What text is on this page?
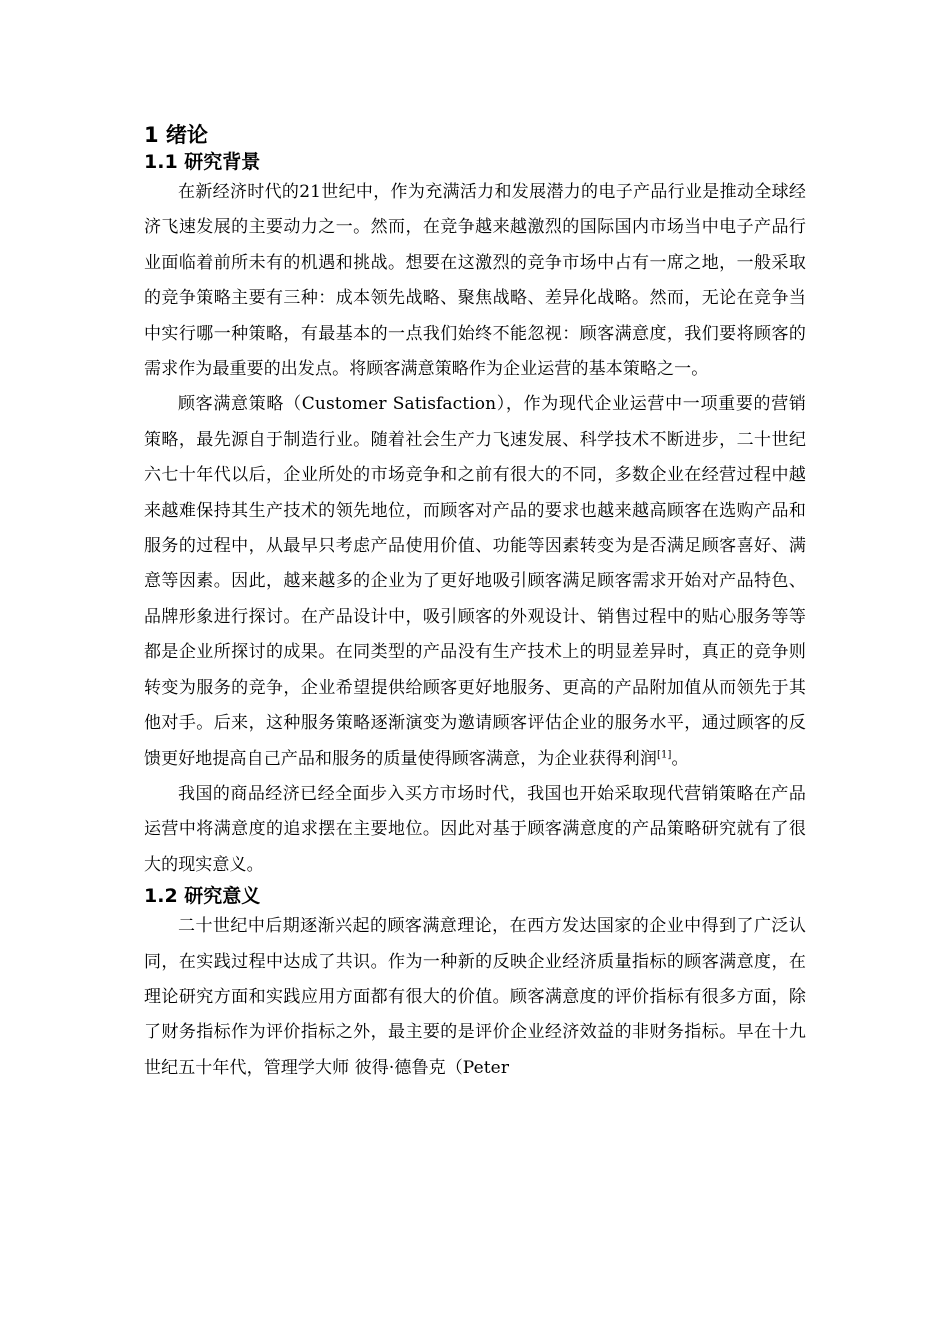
1 绪论
1.1 研究背景

在新经济时代的21世纪中，作为充满活力和发展潜力的电子产品行业是推动全球经济飞速发展的主要动力之一。然而，在竞争越来越激烈的国际国内市场当中电子产品行业面临着前所未有的机遇和挑战。想要在这激烈的竞争市场中占有一席之地，一般采取的竞争策略主要有三种：成本领先战略、聚焦战略、差异化战略。然而，无论在竞争当中实行哪一种策略，有最基本的一点我们始终不能忽视：顾客满意度，我们要将顾客的需求作为最重要的出发点。将顾客满意策略作为企业运营的基本策略之一。

顾客满意策略（Customer Satisfaction），作为现代企业运营中一项重要的营销策略，最先源自于制造行业。随着社会生产力飞速发展、科学技术不断进步，二十世纪六七十年代以后，企业所处的市场竞争和之前有很大的不同，多数企业在经营过程中越来越难保持其生产技术的领先地位，而顾客对产品的要求也越来越高顾客在选购产品和服务的过程中，从最早只考虑产品使用价值、功能等因素转变为是否满足顾客喜好、满意等因素。因此，越来越多的企业为了更好地吸引顾客满足顾客需求开始对产品特色、品牌形象进行探讨。在产品设计中，吸引顾客的外观设计、销售过程中的贴心服务等等都是企业所探讨的成果。在同类型的产品没有生产技术上的明显差异时，真正的竞争则转变为服务的竞争，企业希望提供给顾客更好地服务、更高的产品附加值从而领先于其他对手。后来，这种服务策略逐渐演变为邀请顾客评估企业的服务水平，通过顾客的反馈更好地提高自己产品和服务的质量使得顾客满意，为企业获得利润[1]。

我国的商品经济已经全面步入买方市场时代，我国也开始采取现代营销策略在产品运营中将满意度的追求摆在主要地位。因此对基于顾客满意度的产品策略研究就有了很大的现实意义。

1.2 研究意义

二十世纪中后期逐渐兴起的顾客满意理论，在西方发达国家的企业中得到了广泛认同，在实践过程中达成了共识。作为一种新的反映企业经济质量指标的顾客满意度，在理论研究方面和实践应用方面都有很大的价值。顾客满意度的评价指标有很多方面，除了财务指标作为评价指标之外，最主要的是评价企业经济效益的非财务指标。早在十九世纪五十年代，管理学大师 彼得·德鲁克（Peter
